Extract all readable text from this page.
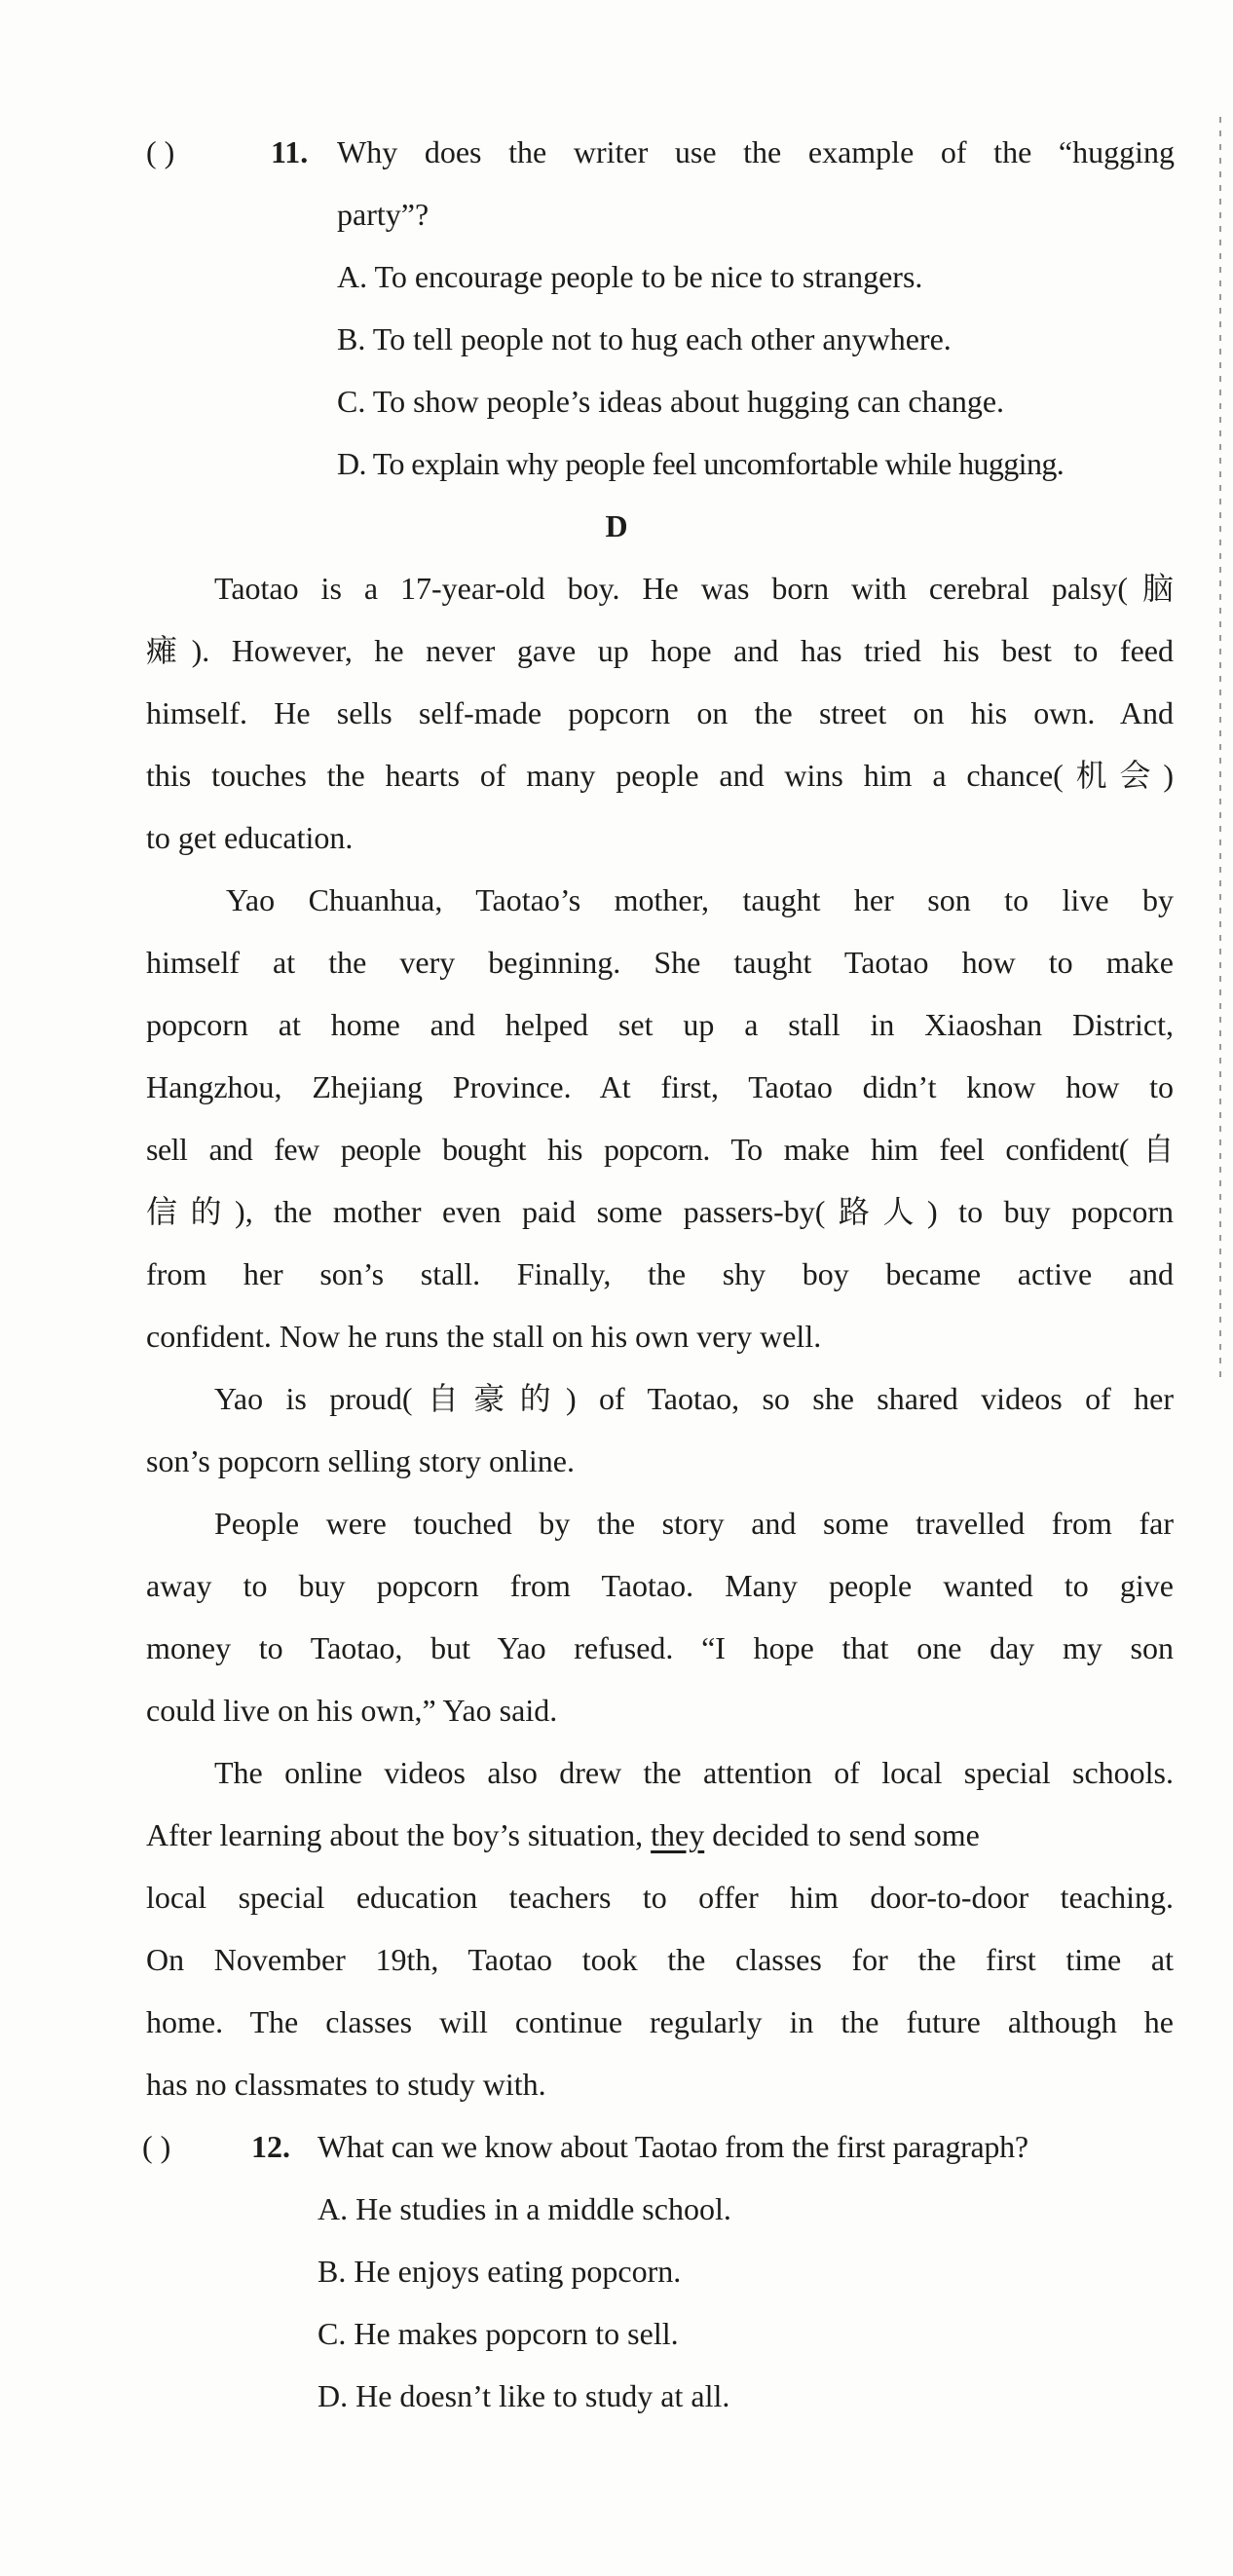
( )	11. Why does the writer use the example of the “hugging
party”?
A. To encourage people to be nice to strangers.
B. To tell people not to hug each other anywhere.
C. To show people’s ideas about hugging can change.
D. To explain why people feel uncomfortable while hugging.
D
Taotao is a 17-year-old boy. He was born with cerebral palsy(脑
瘫). However, he never gave up hope and has tried his best to feed
himself. He sells self-made popcorn on the street on his own. And
this touches the hearts of many people and wins him a chance(机会)
to get education.
Yao Chuanhua, Taotao’s mother, taught her son to live by
himself at the very beginning. She taught Taotao how to make
popcorn at home and helped set up a stall in Xiaoshan District,
Hangzhou, Zhejiang Province. At first, Taotao didn’t know how to
sell and few people bought his popcorn. To make him feel confident(自
信的), the mother even paid some passers-by(路人) to buy popcorn
from her son’s stall. Finally, the shy boy became active and
confident. Now he runs the stall on his own very well.
Yao is proud(自豪的) of Taotao, so she shared videos of her
son’s popcorn selling story online.
People were touched by the story and some travelled from far
away to buy popcorn from Taotao. Many people wanted to give
money to Taotao, but Yao refused. “I hope that one day my son
could live on his own,” Yao said.
The online videos also drew the attention of local special schools.
After learning about the boy’s situation, they decided to send some
local special education teachers to offer him door-to-door teaching.
On November 19th, Taotao took the classes for the first time at
home. The classes will continue regularly in the future although he
has no classmates to study with.
( )	12. What can we know about Taotao from the first paragraph?
A. He studies in a middle school.
B. He enjoys eating popcorn.
C. He makes popcorn to sell.
D. He doesn’t like to study at all.
